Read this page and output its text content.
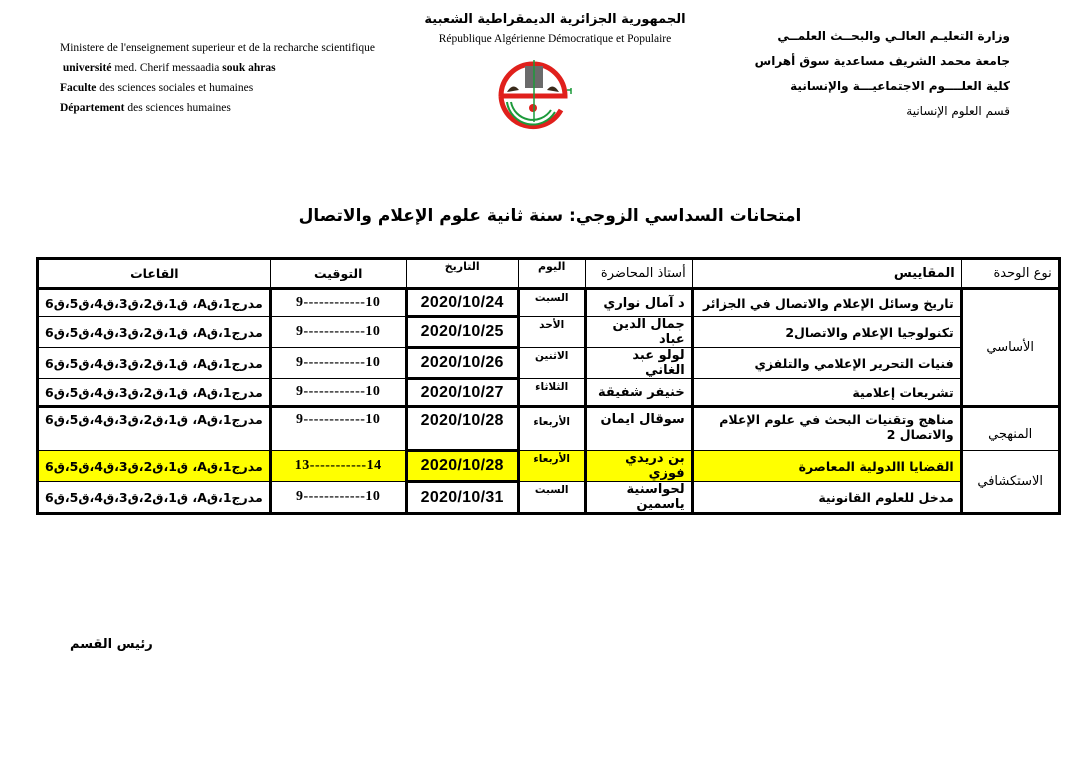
Ministere de l'enseignement superieur et de la recharche scientifique
université med. Cherif messaadia souk ahras
Faculte des sciences sociales et humaines
Département des sciences humaines
الجمهورية الجزائرية الديمقراطية الشعبية
République Algérienne Démocratique et Populaire	وزارة التعليـم العالـي والبحــث العلمــي
جامعة محمد الشريف مساعدية سوق أهراس
كلية العلــــوم الاجتماعيـــة والإنسانية
قسم العلوم الإنسانية
امتحانات السداسي الزوجي: سنة ثانية علوم الإعلام والاتصال
نوع الوحدة	المقاييس	أستاذ المحاضرة	اليوم	التاريخ	التوقيت	القاعات
الأساسي	تاريخ وسائل الإعلام والاتصال في الجزائر	د آمال نواري	السبت	2020/10/24	9------------10	مدرج1،قA، ق1،ق2،ق3،ق4،ق5،ق6
	تكنولوجيا الإعلام والاتصال2	جمال الدين عباد	الأحد	2020/10/25	9------------10	مدرج1،قA، ق1،ق2،ق3،ق4،ق5،ق6
	فنيات التحرير الإعلامي والتلفزي	لولو عبد الغاني	الاثنين	2020/10/26	9------------10	مدرج1،قA، ق1،ق2،ق3،ق4،ق5،ق6
	تشريعات إعلامية	خنيفر شفيقة	الثلاثاء	2020/10/27	9------------10	مدرج1،قA، ق1،ق2،ق3،ق4،ق5،ق6
المنهجي	مناهج وتقنيات البحث في علوم الإعلام والاتصال 2	سوقال ايمان	الأربعاء	2020/10/28	9------------10	مدرج1،قA، ق1،ق2،ق3،ق4،ق5،ق6
الاستكشافي	القضايا االدولية المعاصرة	بن دريدي فوزي	الأربعاء	2020/10/28	13-----------14	مدرج1،قA، ق1،ق2،ق3،ق4،ق5،ق6
	مدخل للعلوم القانونية	لحواسنية ياسمين	السبت	2020/10/31	9------------10	مدرج1،قA، ق1،ق2،ق3،ق4،ق5،ق6
رئيس القسم
